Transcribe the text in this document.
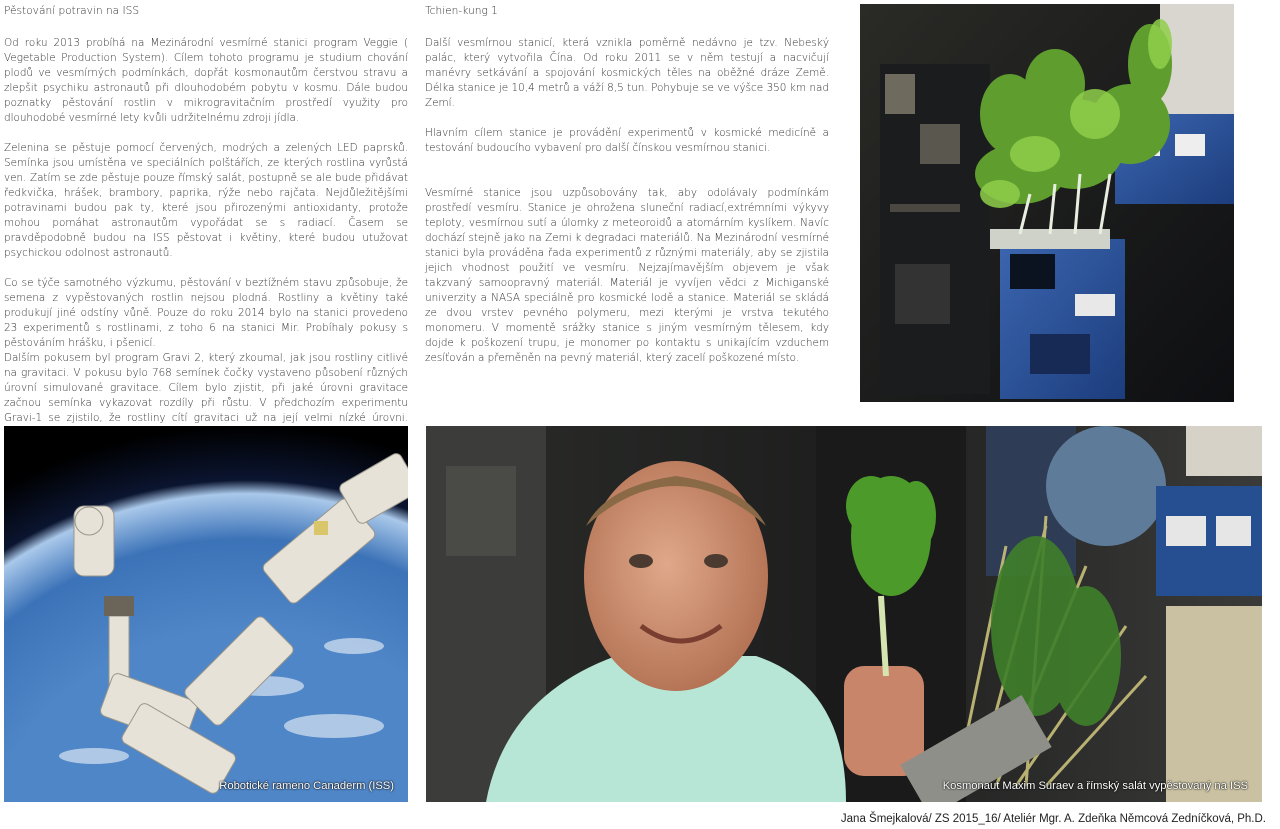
Pěstování potravin na ISS

Od roku 2013 probíhá na Mezinárodní vesmírné stanici program Veggie ( Vegetable Production System). Cílem tohoto programu je studium chování plodů ve vesmírných podmínkách, dopřát kosmonautům čerstvou stravu a zlepšit psychiku astronautů při dlouhodobém pobytu v kosmu. Dále budou poznatky pěstování rostlin v mikrogravitačním prostředí využity pro dlouhodobé vesmírné lety kvůli udržitelnému zdroji jídla.

Zelenina se pěstuje pomocí červených, modrých a zelených LED paprsků. Semínka jsou umístěna ve speciálních polštářích, ze kterých rostlina vyrůstá ven. Zatím se zde pěstuje pouze římský salát, postupně se ale bude přidávat ředkvička, hrášek, brambory, paprika, rýže nebo rajčata. Nejdůležitějšími potravinami budou pak ty, které jsou přirozenými antioxidanty, protože mohou pomáhat astronautům vypořádat se s radiací. Časem se pravděpodobně budou na ISS pěstovat i květiny, které budou utužovat psychickou odolnost astronautů.

Co se týče samotného výzkumu, pěstování v beztížném stavu způsobuje, že semena z vypěstovaných rostlin nejsou plodná. Rostliny a květiny také produkují jiné odstíny vůně. Pouze do roku 2014 bylo na stanici provedeno 23 experimentů s rostlinami, z toho 6 na stanici Mir. Probíhaly pokusy s pěstováním hrášku, i pšenicí.

Dalším pokusem byl program Gravi 2, který zkoumal, jak jsou rostliny citlivé na gravitaci. V pokusu bylo 768 semínek čočky vystaveno působení různých úrovní simulované gravitace. Cílem bylo zjistit, při jaké úrovni gravitace začnou semínka vykazovat rozdíly při růstu. V předchozím experimentu Gravi-1 se zjistilo, že rostliny cítí gravitaci už na její velmi nízké úrovni.

Tchien-kung 1

Další vesmírnou stanicí, která vznikla poměrně nedávno je tzv. Nebeský palác, který vytvořila Čína. Od roku 2011 se v něm testují a nacvičují manévry setkávání a spojování kosmických těles na oběžné dráze Země. Délka stanice je 10,4 metrů a váží 8,5 tun. Pohybuje se ve výšce 350 km nad Zemí.

Hlavním cílem stanice je provádění experimentů v kosmické medicíně a testování budoucího vybavení pro další čínskou vesmírnou stanici.

Vesmírné stanice jsou uzpůsobovány tak, aby odolávaly podmínkám prostředí vesmíru. Stanice je ohrožena sluneční radiací,extrémními výkyvy teploty, vesmírnou sutí a úlomky z meteoroidů a atomárním kyslíkem. Navíc dochází stejně jako na Zemi k degradaci materiálů. Na Mezinárodní vesmírné stanici byla prováděna řada experimentů z různými materiály, aby se zjistila jejich vhodnost použití ve vesmíru. Nejzajímavějším objevem je však takzvaný samoopravný materiál. Materiál je vyvíjen vědci z Michiganské univerzity a NASA speciálně pro kosmické lodě a stanice. Materiál se skládá ze dvou vrstev pevného polymeru, mezi kterými je vrstva tekutého monomeru. V momentě srážky stanice s jiným vesmírným tělesem, kdy dojde k poškození trupu, je monomer po kontaktu s unikajícím vzduchem zesíťován a přeměněn na pevný materiál, který zacelí poškozené místo.

Robotické rameno Canaderm (ISS)	Kosmonaut Maxim Suraev a římský salát vypěstovaný na ISS
Jana Šmejkalová/ ZS 2015_16/ Ateliér Mgr. A. Zdeňka Němcová Zedníčková, Ph.D.
